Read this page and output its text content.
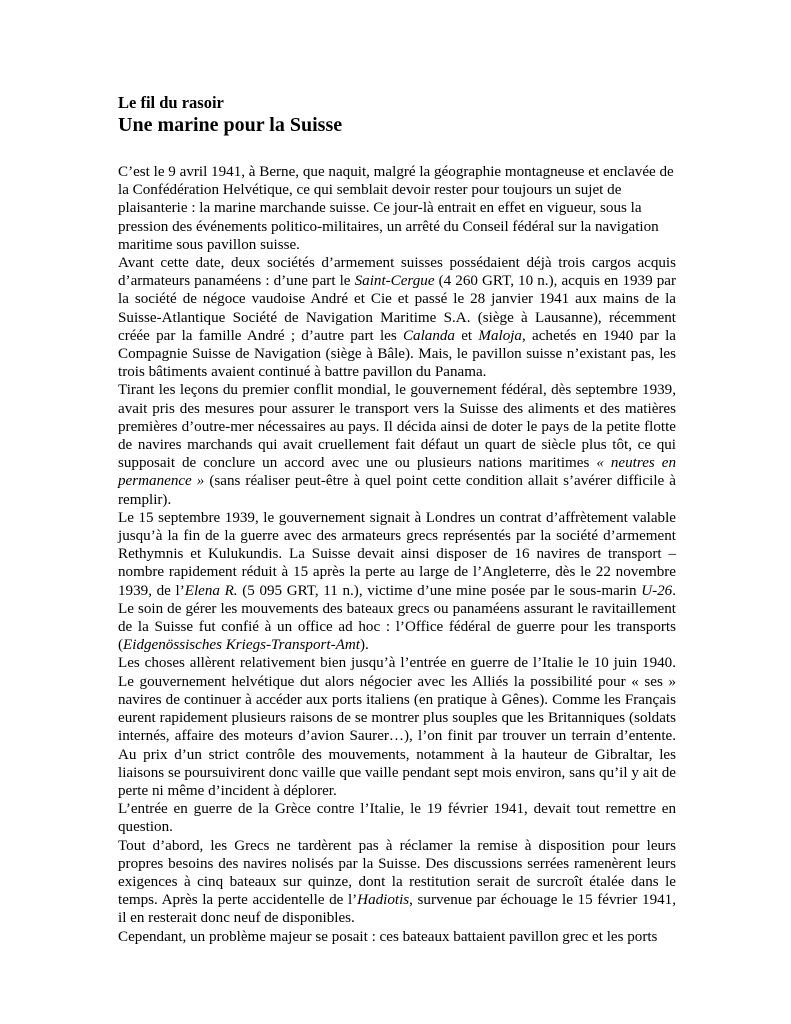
Le fil du rasoir
Une marine pour la Suisse

C’est le 9 avril 1941, à Berne, que naquit, malgré la géographie montagneuse et enclavée de la Confédération Helvétique, ce qui semblait devoir rester pour toujours un sujet de plaisanterie : la marine marchande suisse. Ce jour-là entrait en effet en vigueur, sous la pression des événements politico-militaires, un arrêté du Conseil fédéral sur la navigation maritime sous pavillon suisse.

Avant cette date, deux sociétés d’armement suisses possédaient déjà trois cargos acquis d’armateurs panaméens : d’une part le Saint-Cergue (4 260 GRT, 10 n.), acquis en 1939 par la société de négoce vaudoise André et Cie et passé le 28 janvier 1941 aux mains de la Suisse-Atlantique Société de Navigation Maritime S.A. (siège à Lausanne), récemment créée par la famille André ; d’autre part les Calanda et Maloja, achetés en 1940 par la Compagnie Suisse de Navigation (siège à Bâle). Mais, le pavillon suisse n’existant pas, les trois bâtiments avaient continué à battre pavillon du Panama.

Tirant les leçons du premier conflit mondial, le gouvernement fédéral, dès septembre 1939, avait pris des mesures pour assurer le transport vers la Suisse des aliments et des matières premières d’outre-mer nécessaires au pays. Il décida ainsi de doter le pays de la petite flotte de navires marchands qui avait cruellement fait défaut un quart de siècle plus tôt, ce qui supposait de conclure un accord avec une ou plusieurs nations maritimes « neutres en permanence » (sans réaliser peut-être à quel point cette condition allait s’avérer difficile à remplir).

Le 15 septembre 1939, le gouvernement signait à Londres un contrat d’affrètement valable jusqu’à la fin de la guerre avec des armateurs grecs représentés par la société d’armement Rethymnis et Kulukundis. La Suisse devait ainsi disposer de 16 navires de transport – nombre rapidement réduit à 15 après la perte au large de l’Angleterre, dès le 22 novembre 1939, de l’Elena R. (5 095 GRT, 11 n.), victime d’une mine posée par le sous-marin U-26. Le soin de gérer les mouvements des bateaux grecs ou panaméens assurant le ravitaillement de la Suisse fut confié à un office ad hoc : l’Office fédéral de guerre pour les transports (Eidgenössisches Kriegs-Transport-Amt).

Les choses allèrent relativement bien jusqu’à l’entrée en guerre de l’Italie le 10 juin 1940. Le gouvernement helvétique dut alors négocier avec les Alliés la possibilité pour « ses » navires de continuer à accéder aux ports italiens (en pratique à Gênes). Comme les Français eurent rapidement plusieurs raisons de se montrer plus souples que les Britanniques (soldats internés, affaire des moteurs d’avion Saurer…), l’on finit par trouver un terrain d’entente. Au prix d’un strict contrôle des mouvements, notamment à la hauteur de Gibraltar, les liaisons se poursuivirent donc vaille que vaille pendant sept mois environ, sans qu’il y ait de perte ni même d’incident à déplorer.

L’entrée en guerre de la Grèce contre l’Italie, le 19 février 1941, devait tout remettre en question.

Tout d’abord, les Grecs ne tardèrent pas à réclamer la remise à disposition pour leurs propres besoins des navires nolisés par la Suisse. Des discussions serrées ramenèrent leurs exigences à cinq bateaux sur quinze, dont la restitution serait de surcroît étalée dans le temps. Après la perte accidentelle de l’Hadiotis, survenue par échouage le 15 février 1941, il en resterait donc neuf de disponibles.

Cependant, un problème majeur se posait : ces bateaux battaient pavillon grec et les ports
